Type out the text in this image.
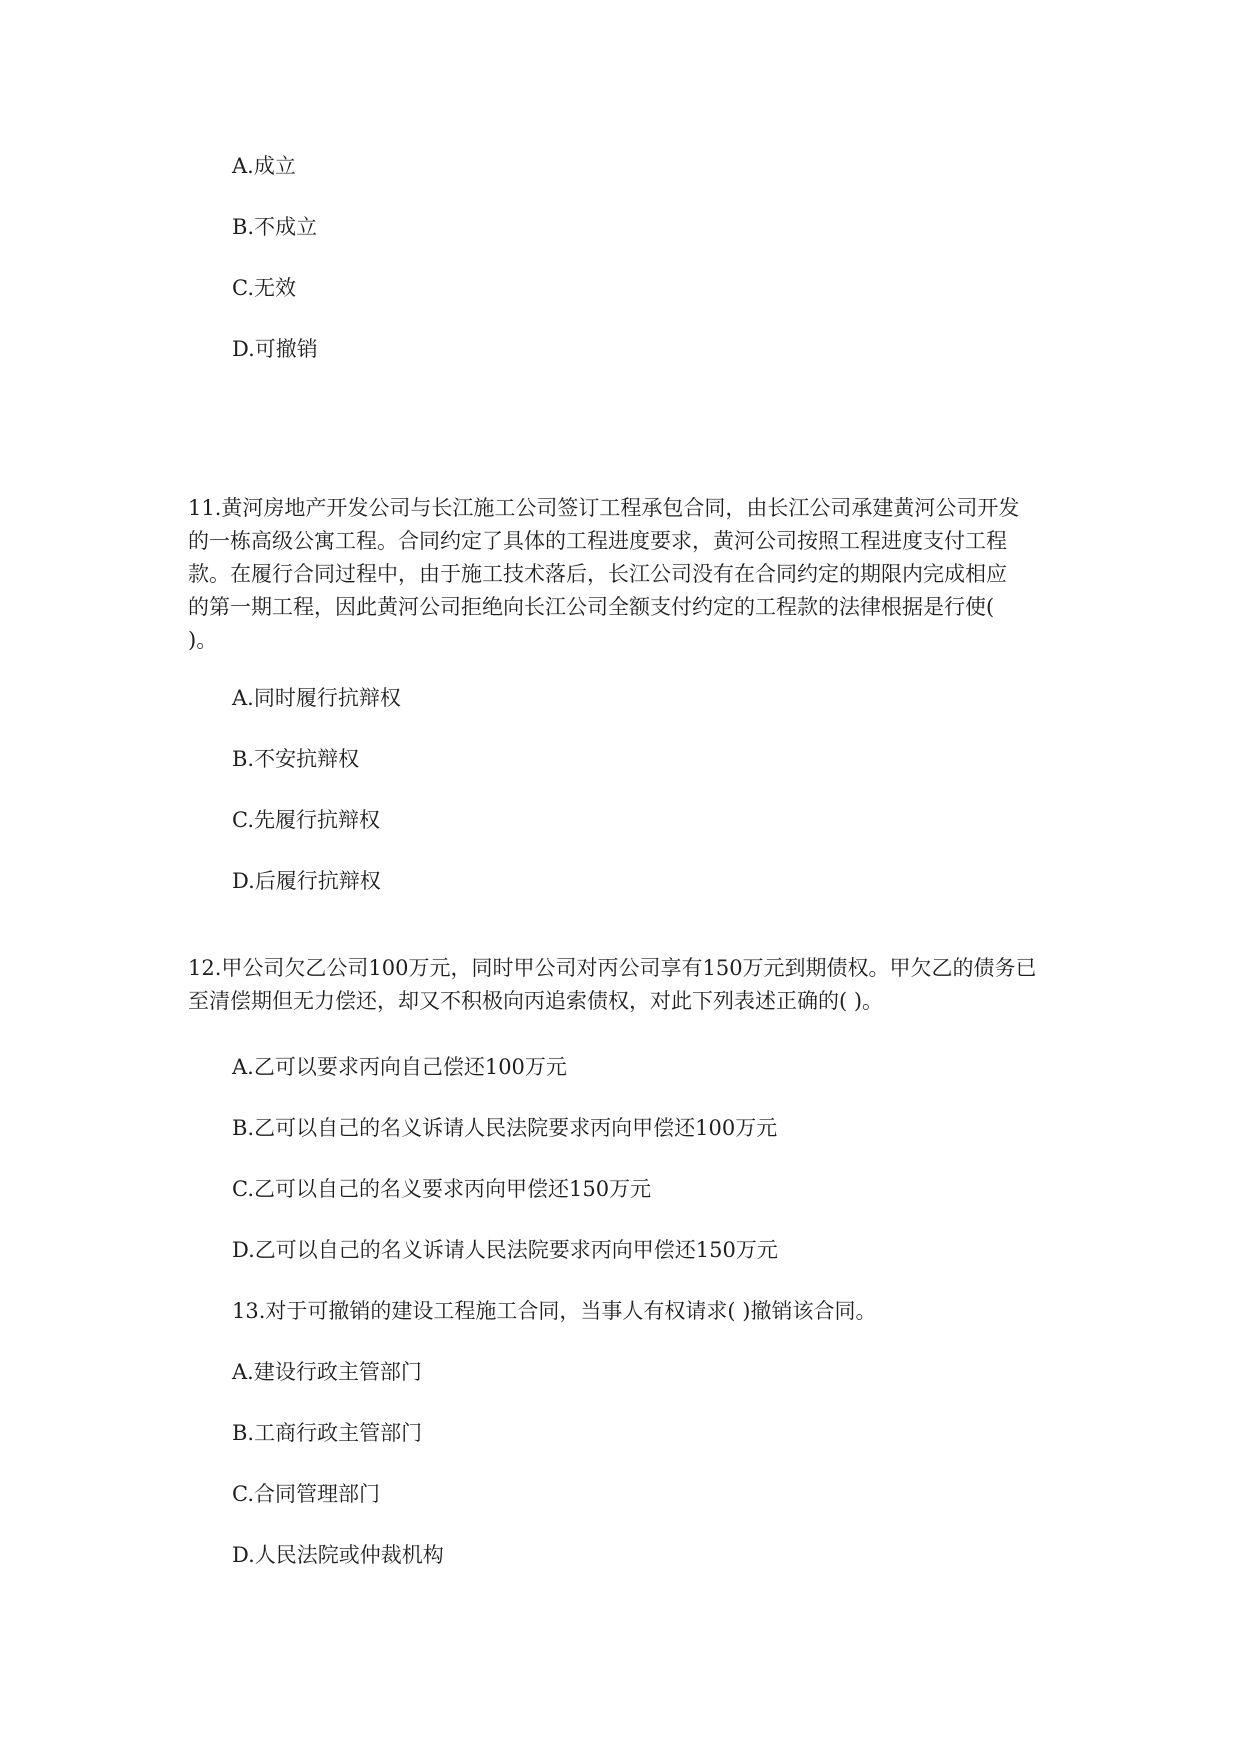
A.成立
B.不成立
C.无效
D.可撤销
11.黄河房地产开发公司与长江施工公司签订工程承包合同，由长江公司承建黄河公司开发
的一栋高级公寓工程。合同约定了具体的工程进度要求，黄河公司按照工程进度支付工程
款。在履行合同过程中，由于施工技术落后，长江公司没有在合同约定的期限内完成相应
的第一期工程，因此黄河公司拒绝向长江公司全额支付约定的工程款的法律根据是行使(
)。
A.同时履行抗辩权
B.不安抗辩权
C.先履行抗辩权
D.后履行抗辩权
12.甲公司欠乙公司100万元，同时甲公司对丙公司享有150万元到期债权。甲欠乙的债务已
至清偿期但无力偿还，却又不积极向丙追索债权，对此下列表述正确的( )。
A.乙可以要求丙向自己偿还100万元
B.乙可以自己的名义诉请人民法院要求丙向甲偿还100万元
C.乙可以自己的名义要求丙向甲偿还150万元
D.乙可以自己的名义诉请人民法院要求丙向甲偿还150万元
13.对于可撤销的建设工程施工合同，当事人有权请求( )撤销该合同。
A.建设行政主管部门
B.工商行政主管部门
C.合同管理部门
D.人民法院或仲裁机构
